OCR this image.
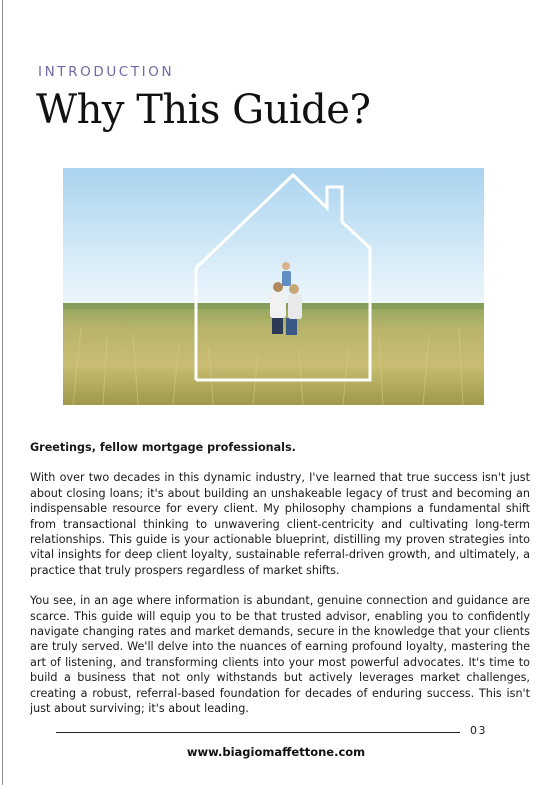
INTRODUCTION
Why This Guide?

Greetings, fellow mortgage professionals.

With over two decades in this dynamic industry, I've learned that true success isn't just about closing loans; it's about building an unshakeable legacy of trust and becoming an indispensable resource for every client. My philosophy champions a fundamental shift from transactional thinking to unwavering client-centricity and cultivating long-term relationships. This guide is your actionable blueprint, distilling my proven strategies into vital insights for deep client loyalty, sustainable referral-driven growth, and ultimately, a practice that truly prospers regardless of market shifts.

You see, in an age where information is abundant, genuine connection and guidance are scarce. This guide will equip you to be that trusted advisor, enabling you to confidently navigate changing rates and market demands, secure in the knowledge that your clients are truly served. We'll delve into the nuances of earning profound loyalty, mastering the art of listening, and transforming clients into your most powerful advocates. It's time to build a business that not only withstands but actively leverages market challenges, creating a robust, referral-based foundation for decades of enduring success. This isn't just about surviving; it's about leading.

03
www.biagiomaffettone.com
